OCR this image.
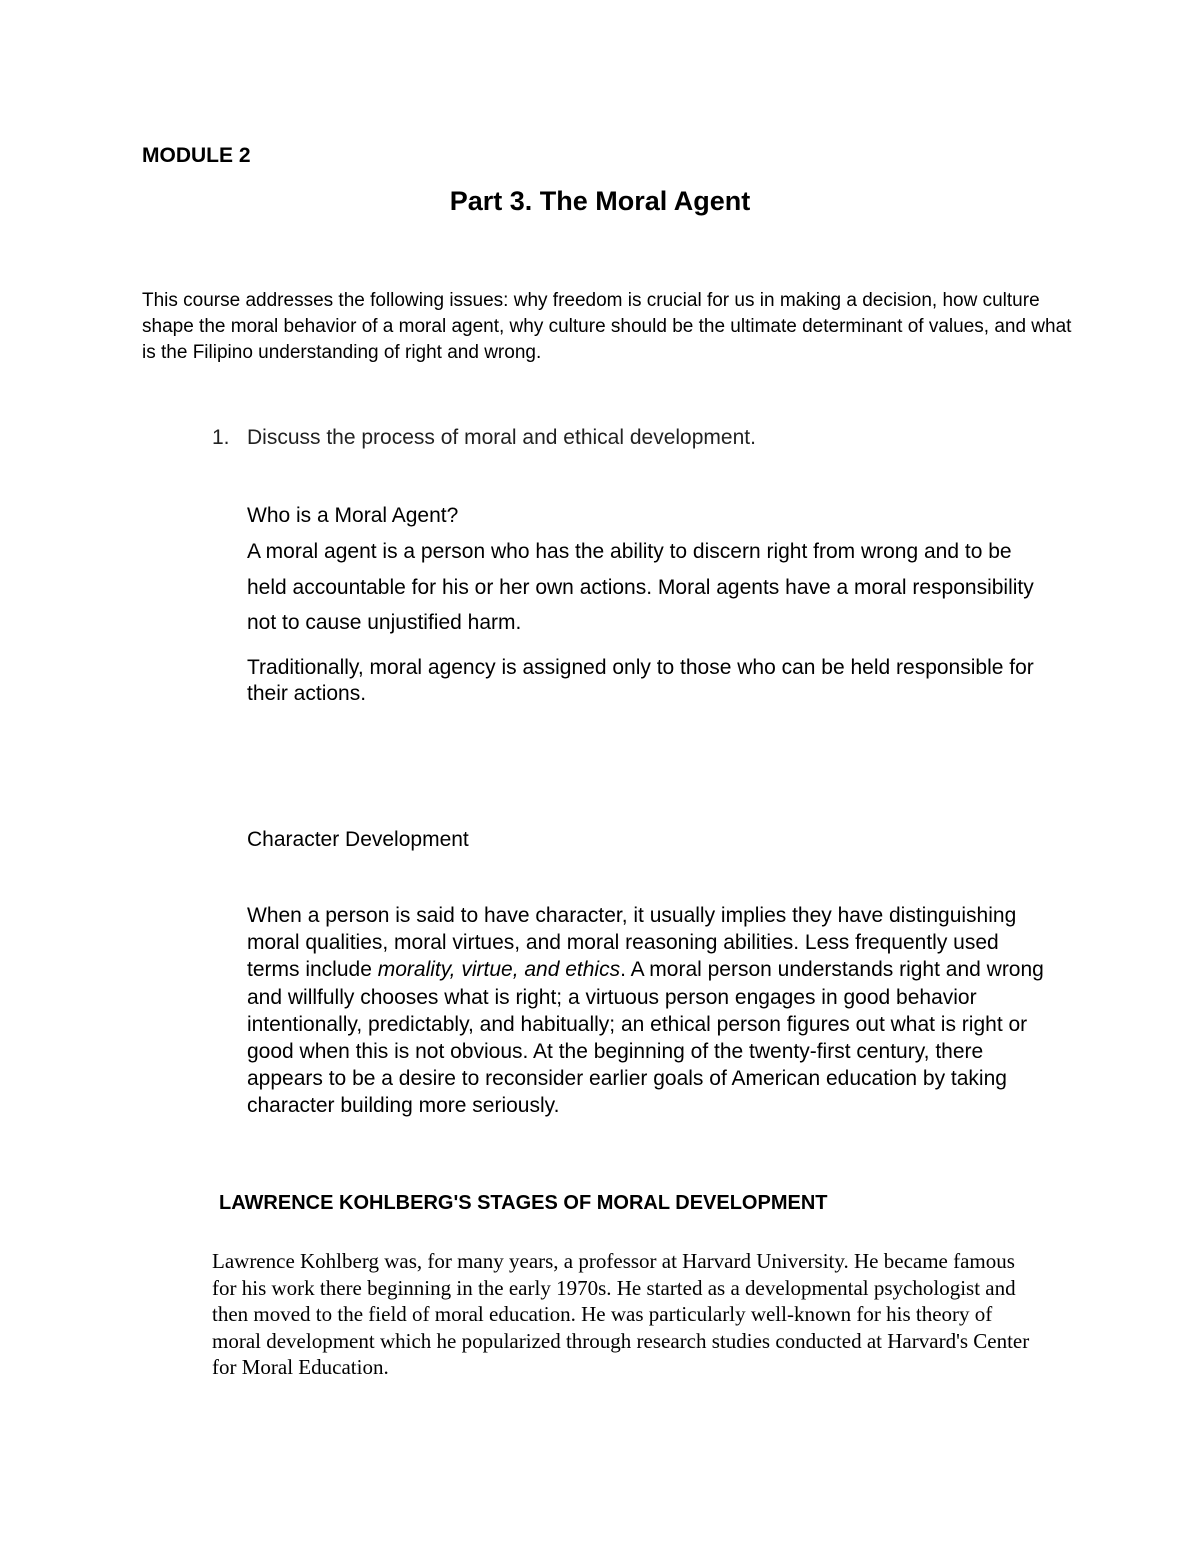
MODULE 2
Part 3. The Moral Agent

This course addresses the following issues: why freedom is crucial for us in making a decision, how culture shape the moral behavior of a moral agent, why culture should be the ultimate determinant of values, and what is the Filipino understanding of right and wrong.

1. Discuss the process of moral and ethical development.
Who is a Moral Agent?

A moral agent is a person who has the ability to discern right from wrong and to be held accountable for his or her own actions. Moral agents have a moral responsibility not to cause unjustified harm.

Traditionally, moral agency is assigned only to those who can be held responsible for their actions.

Character Development

When a person is said to have character, it usually implies they have distinguishing moral qualities, moral virtues, and moral reasoning abilities. Less frequently used terms include morality, virtue, and ethics. A moral person understands right and wrong and willfully chooses what is right; a virtuous person engages in good behavior intentionally, predictably, and habitually; an ethical person figures out what is right or good when this is not obvious. At the beginning of the twenty-first century, there appears to be a desire to reconsider earlier goals of American education by taking character building more seriously.

LAWRENCE KOHLBERG'S STAGES OF MORAL DEVELOPMENT

Lawrence Kohlberg was, for many years, a professor at Harvard University. He became famous for his work there beginning in the early 1970s. He started as a developmental psychologist and then moved to the field of moral education. He was particularly well-known for his theory of moral development which he popularized through research studies conducted at Harvard's Center for Moral Education.
